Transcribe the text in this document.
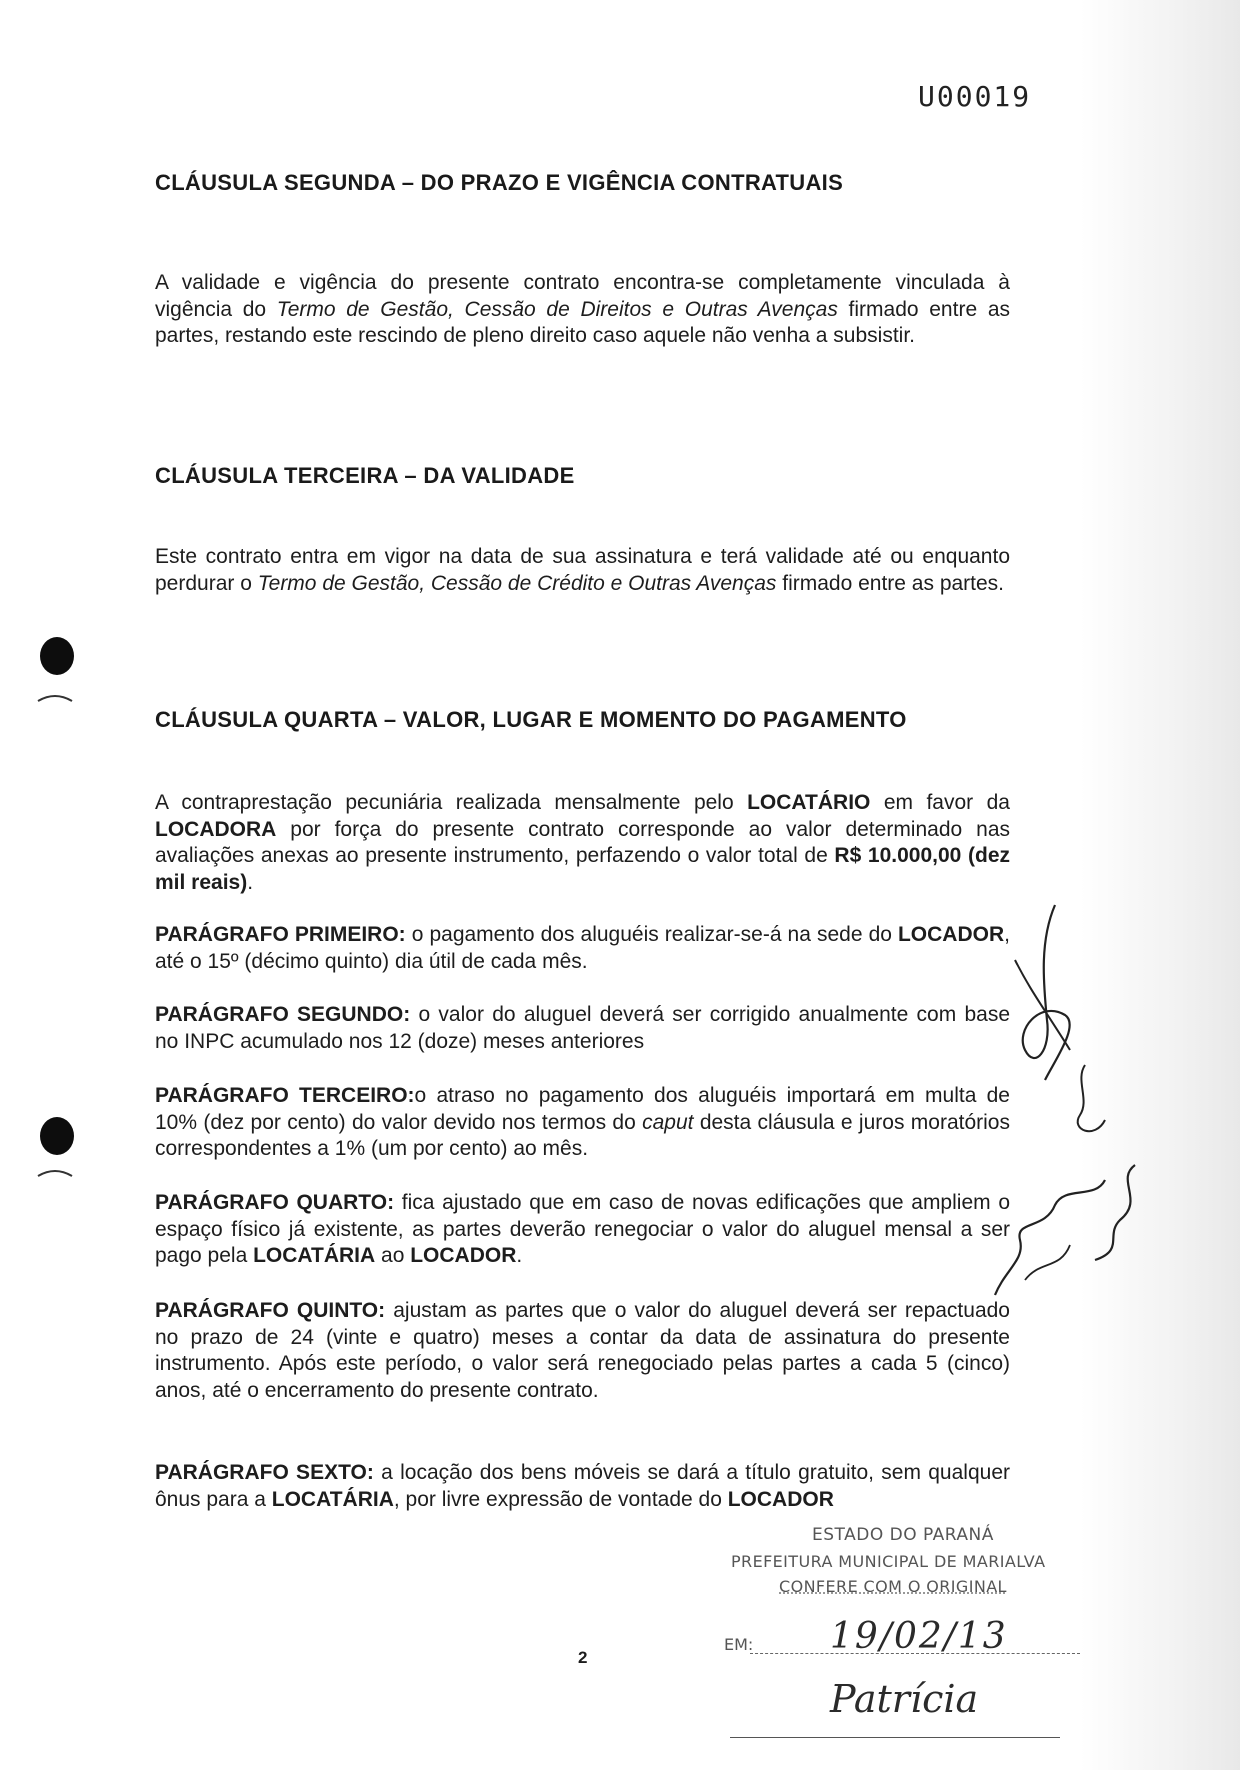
U00019
CLÁUSULA SEGUNDA – DO PRAZO E VIGÊNCIA CONTRATUAIS
A validade e vigência do presente contrato encontra-se completamente vinculada à vigência do Termo de Gestão, Cessão de Direitos e Outras Avenças firmado entre as partes, restando este rescindo de pleno direito caso aquele não venha a subsistir.
CLÁUSULA TERCEIRA – DA VALIDADE
Este contrato entra em vigor na data de sua assinatura e terá validade até ou enquanto perdurar o Termo de Gestão, Cessão de Crédito e Outras Avenças firmado entre as partes.
CLÁUSULA QUARTA – VALOR, LUGAR E MOMENTO DO PAGAMENTO
A contraprestação pecuniária realizada mensalmente pelo LOCATÁRIO em favor da LOCADORA por força do presente contrato corresponde ao valor determinado nas avaliações anexas ao presente instrumento, perfazendo o valor total de R$ 10.000,00 (dez mil reais).
PARÁGRAFO PRIMEIRO: o pagamento dos aluguéis realizar-se-á na sede do LOCADOR, até o 15º (décimo quinto) dia útil de cada mês.
PARÁGRAFO SEGUNDO: o valor do aluguel deverá ser corrigido anualmente com base no INPC acumulado nos 12 (doze) meses anteriores
PARÁGRAFO TERCEIRO:o atraso no pagamento dos aluguéis importará em multa de 10% (dez por cento) do valor devido nos termos do caput desta cláusula e juros moratórios correspondentes a 1% (um por cento) ao mês.
PARÁGRAFO QUARTO: fica ajustado que em caso de novas edificações que ampliem o espaço físico já existente, as partes deverão renegociar o valor do aluguel mensal a ser pago pela LOCATÁRIA ao LOCADOR.
PARÁGRAFO QUINTO: ajustam as partes que o valor do aluguel deverá ser repactuado no prazo de 24 (vinte e quatro) meses a contar da data de assinatura do presente instrumento. Após este período, o valor será renegociado pelas partes a cada 5 (cinco) anos, até o encerramento do presente contrato.
PARÁGRAFO SEXTO: a locação dos bens móveis se dará a título gratuito, sem qualquer ônus para a LOCATÁRIA, por livre expressão de vontade do LOCADOR
2
ESTADO DO PARANÁ
PREFEITURA MUNICIPAL DE MARIALVA
CONFERE COM O ORIGINAL
EM: 19/02/13
Patrícia
